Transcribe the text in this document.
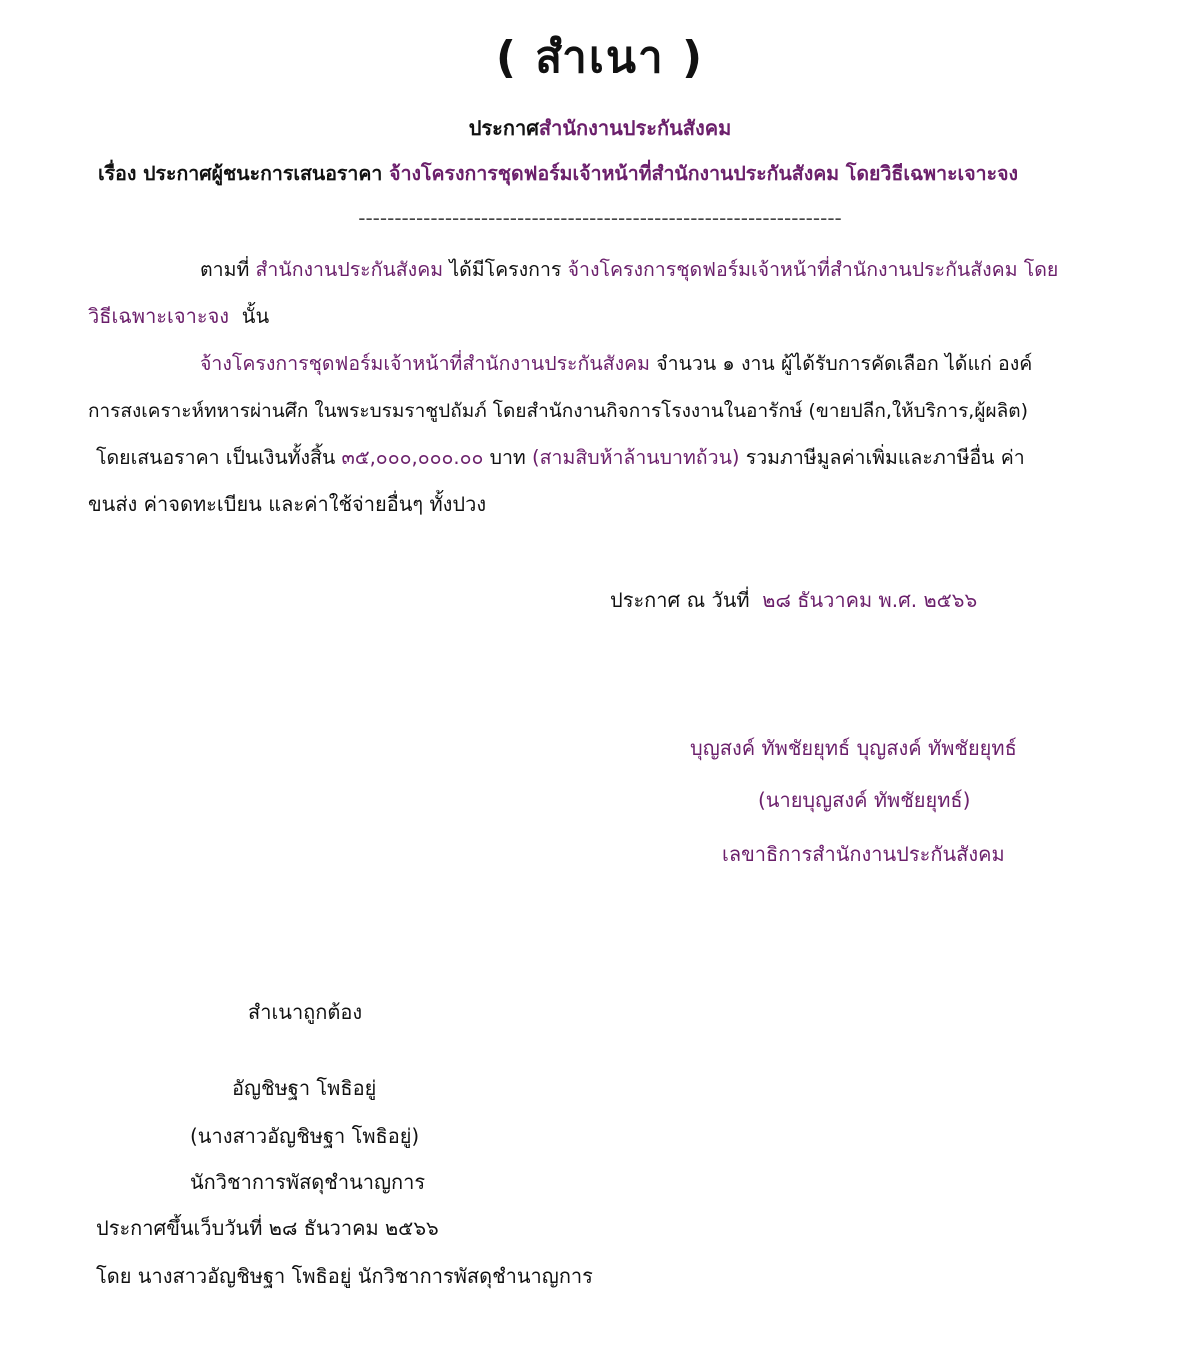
( สำเนา )
ประกาศสำนักงานประกันสังคม
เรื่อง ประกาศผู้ชนะการเสนอราคา จ้างโครงการชุดฟอร์มเจ้าหน้าที่สำนักงานประกันสังคม โดยวิธีเฉพาะเจาะจง
-------------------------------------------------------------------
ตามที่ สำนักงานประกันสังคม ได้มีโครงการ จ้างโครงการชุดฟอร์มเจ้าหน้าที่สำนักงานประกันสังคม โดย
วิธีเฉพาะเจาะจง นั้น
จ้างโครงการชุดฟอร์มเจ้าหน้าที่สำนักงานประกันสังคม จำนวน ๑ งาน ผู้ได้รับการคัดเลือก ได้แก่ องค์
การสงเคราะห์ทหารผ่านศึก ในพระบรมราชูปถัมภ์ โดยสำนักงานกิจการโรงงานในอารักษ์ (ขายปลีก,ให้บริการ,ผู้ผลิต)
โดยเสนอราคา เป็นเงินทั้งสิ้น ๓๕,๐๐๐,๐๐๐.๐๐ บาท (สามสิบห้าล้านบาทถ้วน) รวมภาษีมูลค่าเพิ่มและภาษีอื่น ค่า
ขนส่ง ค่าจดทะเบียน และค่าใช้จ่ายอื่นๆ ทั้งปวง
ประกาศ ณ วันที่ ๒๘ ธันวาคม พ.ศ. ๒๕๖๖
บุญสงค์ ทัพชัยยุทธ์ บุญสงค์ ทัพชัยยุทธ์
(นายบุญสงค์ ทัพชัยยุทธ์)
เลขาธิการสำนักงานประกันสังคม
สำเนาถูกต้อง
อัญชิษฐา โพธิอยู่
(นางสาวอัญชิษฐา โพธิอยู่)
นักวิชาการพัสดุชำนาญการ
ประกาศขึ้นเว็บวันที่ ๒๘ ธันวาคม ๒๕๖๖
โดย นางสาวอัญชิษฐา โพธิอยู่ นักวิชาการพัสดุชำนาญการ
